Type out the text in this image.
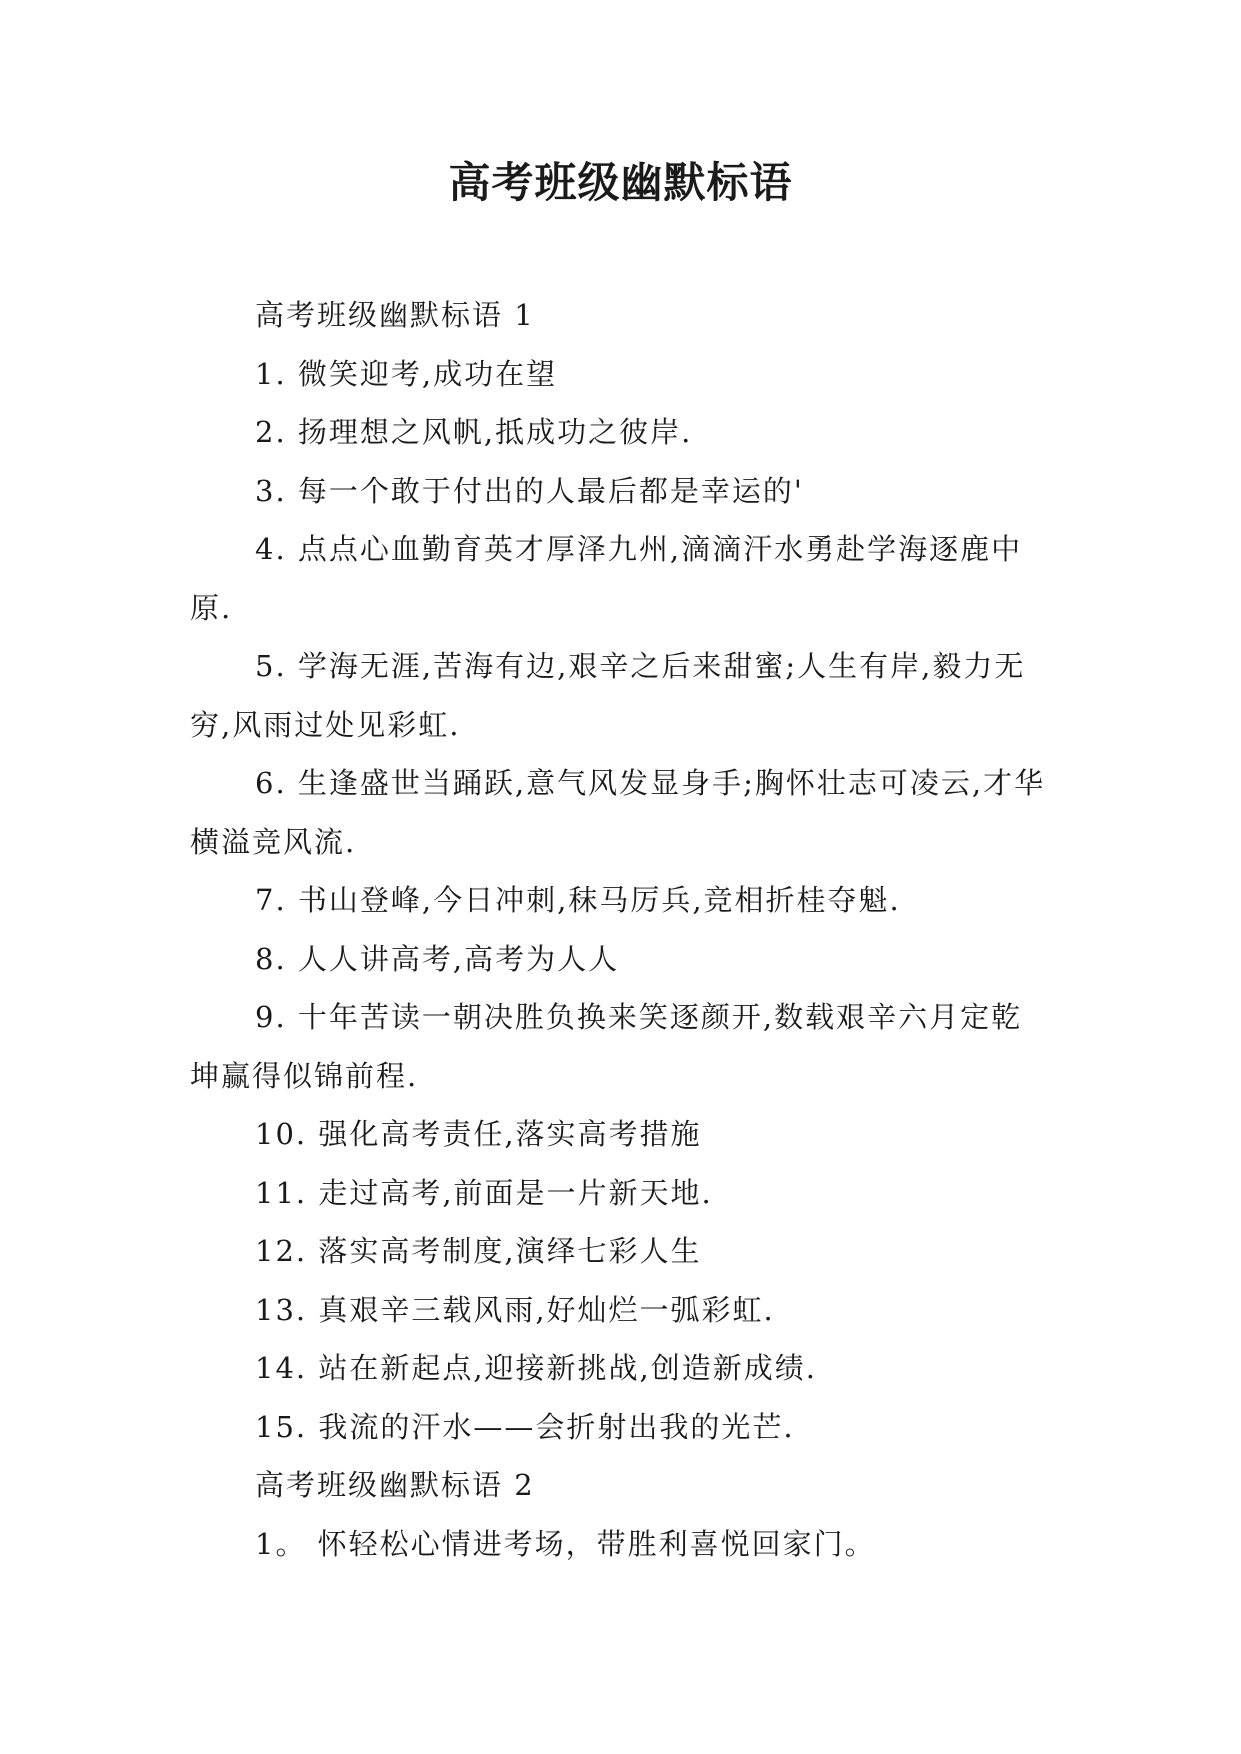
高考班级幽默标语

高考班级幽默标语 1

1. 微笑迎考,成功在望

2. 扬理想之风帆,抵成功之彼岸.

3. 每一个敢于付出的人最后都是幸运的'

4. 点点心血勤育英才厚泽九州,滴滴汗水勇赴学海逐鹿中原.

5. 学海无涯,苦海有边,艰辛之后来甜蜜;人生有岸,毅力无穷,风雨过处见彩虹.

6. 生逢盛世当踊跃,意气风发显身手;胸怀壮志可凌云,才华横溢竞风流.

7. 书山登峰,今日冲刺,秣马厉兵,竞相折桂夺魁.

8. 人人讲高考,高考为人人

9. 十年苦读一朝决胜负换来笑逐颜开,数载艰辛六月定乾坤赢得似锦前程.

10. 强化高考责任,落实高考措施

11. 走过高考,前面是一片新天地.

12. 落实高考制度,演绎七彩人生

13. 真艰辛三载风雨,好灿烂一弧彩虹.

14. 站在新起点,迎接新挑战,创造新成绩.

15. 我流的汗水——会折射出我的光芒.

高考班级幽默标语 2

1。 怀轻松心情进考场，带胜利喜悦回家门。
